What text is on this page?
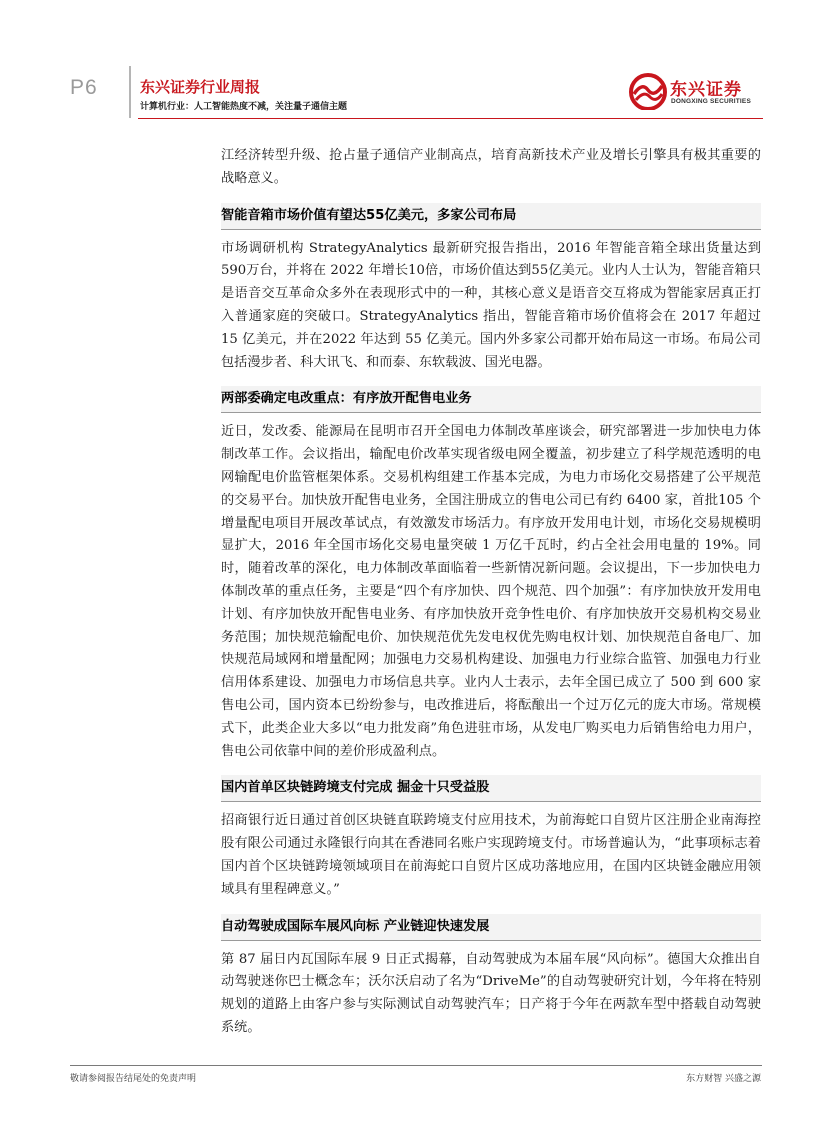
P6	东兴证券行业周报
计算机行业：人工智能热度不减，关注量子通信主题
东兴证券
DONGXING SECURITIES

江经济转型升级、抢占量子通信产业制高点，培育高新技术产业及增长引擎具有极其重要的战略意义。

智能音箱市场价值有望达55亿美元，多家公司布局

市场调研机构 StrategyAnalytics 最新研究报告指出，2016 年智能音箱全球出货量达到590万台，并将在 2022 年增长10倍，市场价值达到55亿美元。业内人士认为，智能音箱只是语音交互革命众多外在表现形式中的一种，其核心意义是语音交互将成为智能家居真正打入普通家庭的突破口。StrategyAnalytics 指出，智能音箱市场价值将会在 2017 年超过 15 亿美元，并在2022 年达到 55 亿美元。国内外多家公司都开始布局这一市场。布局公司包括漫步者、科大讯飞、和而泰、东软载波、国光电器。

两部委确定电改重点：有序放开配售电业务

近日，发改委、能源局在昆明市召开全国电力体制改革座谈会，研究部署进一步加快电力体制改革工作。会议指出，输配电价改革实现省级电网全覆盖，初步建立了科学规范透明的电网输配电价监管框架体系。交易机构组建工作基本完成，为电力市场化交易搭建了公平规范的交易平台。加快放开配售电业务，全国注册成立的售电公司已有约 6400 家，首批105 个增量配电项目开展改革试点，有效激发市场活力。有序放开发用电计划，市场化交易规模明显扩大，2016 年全国市场化交易电量突破 1 万亿千瓦时，约占全社会用电量的 19%。同时，随着改革的深化，电力体制改革面临着一些新情况新问题。会议提出，下一步加快电力体制改革的重点任务，主要是“四个有序加快、四个规范、四个加强”：有序加快放开发用电计划、有序加快放开配售电业务、有序加快放开竞争性电价、有序加快放开交易机构交易业务范围；加快规范输配电价、加快规范优先发电权优先购电权计划、加快规范自备电厂、加快规范局域网和增量配网；加强电力交易机构建设、加强电力行业综合监管、加强电力行业信用体系建设、加强电力市场信息共享。业内人士表示，去年全国已成立了 500 到 600 家售电公司，国内资本已纷纷参与，电改推进后，将酝酿出一个过万亿元的庞大市场。常规模式下，此类企业大多以“电力批发商”角色进驻市场，从发电厂购买电力后销售给电力用户，售电公司依靠中间的差价形成盈利点。

国内首单区块链跨境支付完成 掘金十只受益股

招商银行近日通过首创区块链直联跨境支付应用技术，为前海蛇口自贸片区注册企业南海控股有限公司通过永隆银行向其在香港同名账户实现跨境支付。市场普遍认为，“此事项标志着国内首个区块链跨境领域项目在前海蛇口自贸片区成功落地应用，在国内区块链金融应用领域具有里程碑意义。”

自动驾驶成国际车展风向标 产业链迎快速发展

第 87 届日内瓦国际车展 9 日正式揭幕，自动驾驶成为本届车展“风向标”。德国大众推出自动驾驶迷你巴士概念车；沃尔沃启动了名为“DriveMe”的自动驾驶研究计划，今年将在特别规划的道路上由客户参与实际测试自动驾驶汽车；日产将于今年在两款车型中搭载自动驾驶系统。

敬请参阅报告结尾处的免责声明	东方财智 兴盛之源
